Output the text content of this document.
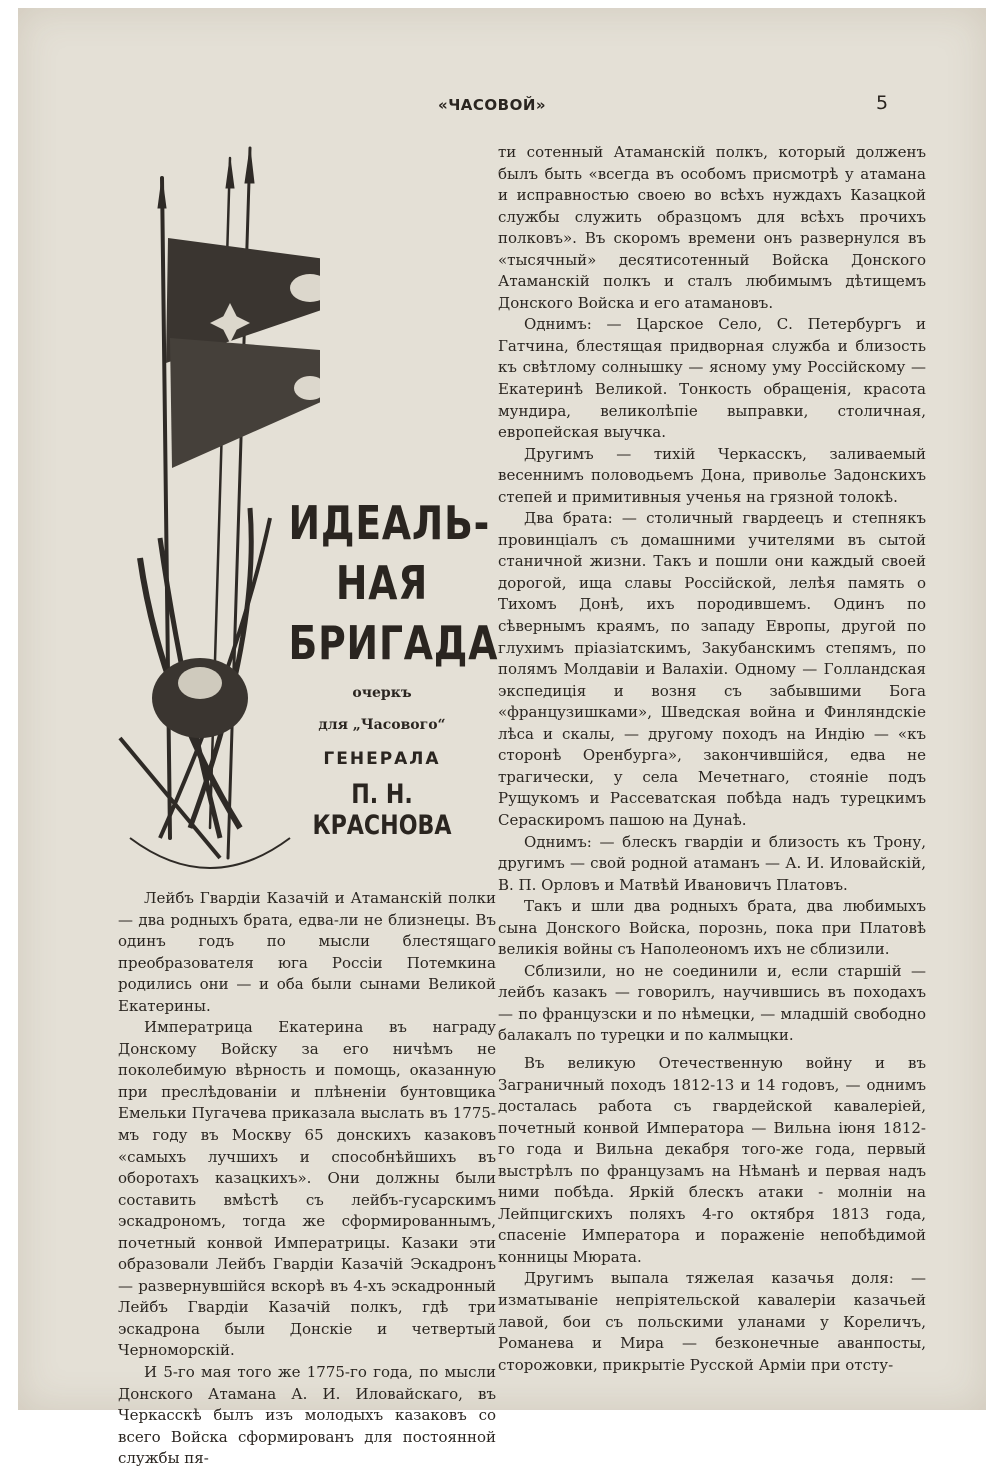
«ЧАСОВОЙ»	5
ИДЕАЛЬ-
НАЯ
БРИГАДА
очеркъ
для „Часового“
ГЕНЕРАЛА
П. Н. КРАСНОВА

Лейбъ Гвардіи Казачій и Атаманскій полки — два родныхъ брата, едва-ли не близнецы. Въ одинъ годъ по мысли блестящаго преобразователя юга Россіи Потемкина родились они — и оба были сынами Великой Екатерины.

Императрица Екатерина въ награду Донскому Войску за его ничѣмъ не поколебимую вѣрность и помощь, оказанную при преслѣдованіи и плѣненіи бунтовщика Емельки Пугачева приказала выслать въ 1775-мъ году въ Москву 65 донскихъ казаковъ «самыхъ лучшихъ и способнѣйшихъ въ оборотахъ казацкихъ». Они должны были составить вмѣстѣ съ лейбъ-гусарскимъ эскадрономъ, тогда же сформированнымъ, почетный конвой Императрицы. Казаки эти образовали Лейбъ Гвардіи Казачій Эскадронъ — развернувшійся вскорѣ въ 4-хъ эскадронный Лейбъ Гвардіи Казачій полкъ, гдѣ три эскадрона были Донскіе и четвертый Черноморскій.

И 5-го мая того же 1775-го года, по мысли Донского Атамана А. И. Иловайскаго, въ Черкасскѣ былъ изъ молодыхъ казаковъ со всего Войска сформированъ для постоянной службы пя-

ти сотенный Атаманскій полкъ, который долженъ былъ быть «всегда въ особомъ присмотрѣ у атамана и исправностью своею во всѣхъ нуждахъ Казацкой службы служить образцомъ для всѣхъ прочихъ полковъ». Въ скоромъ времени онъ развернулся въ «тысячный» десятисотенный Войска Донского Атаманскій полкъ и сталъ любимымъ дѣтищемъ Донского Войска и его атамановъ.

Однимъ: — Царское Село, С. Петербургъ и Гатчина, блестящая придворная служба и близость къ свѣтлому солнышку — ясному уму Россійскому — Екатеринѣ Великой. Тонкость обращенія, красота мундира, великолѣпіе выправки, столичная, европейская выучка.

Другимъ — тихій Черкасскъ, заливаемый весеннимъ половодьемъ Дона, приволье Задонскихъ степей и примитивныя ученья на грязной толокѣ.

Два брата: — столичный гвардеецъ и степнякъ провинціалъ съ домашними учителями въ сытой станичной жизни. Такъ и пошли они каждый своей дорогой, ища славы Россійской, лелѣя память о Тихомъ Донѣ, ихъ породившемъ. Одинъ по сѣвернымъ краямъ, по западу Европы, другой по глухимъ пріазіатскимъ, Закубанскимъ степямъ, по полямъ Молдавіи и Валахіи. Одному — Голландская экспедиція и возня съ забывшими Бога «французишками», Шведская война и Финляндскіе лѣса и скалы, — другому походъ на Индію — «къ сторонѣ Оренбурга», закончившійся, едва не трагически, у села Мечетнаго, стояніе подъ Рущукомъ и Рассеватская побѣда надъ турецкимъ Сераскиромъ пашою на Дунаѣ.

Однимъ: — блескъ гвардіи и близость къ Трону, другимъ — свой родной атаманъ — А. И. Иловайскій, В. П. Орловъ и Матвѣй Ивановичъ Платовъ.

Такъ и шли два родныхъ брата, два любимыхъ сына Донского Войска, порознь, пока при Платовѣ великія войны съ Наполеономъ ихъ не сблизили.

Сблизили, но не соединили и, если старшій — лейбъ казакъ — говорилъ, научившись въ походахъ — по французски и по нѣмецки, — младшій свободно балакалъ по турецки и по калмыцки.

Въ великую Отечественную войну и въ Заграничный походъ 1812-13 и 14 годовъ, — однимъ досталась работа съ гвардейской кавалеріей, почетный конвой Императора — Вильна іюня 1812-го года и Вильна декабря того-же года, первый выстрѣлъ по французамъ на Нѣманѣ и первая надъ ними побѣда. Яркій блескъ атаки - молніи на Лейпцигскихъ поляхъ 4-го октября 1813 года, спасеніе Императора и пораженіе непобѣдимой конницы Мюрата.

Другимъ выпала тяжелая казачья доля: — изматываніе непріятельской кавалеріи казачьей лавой, бои съ польскими уланами у Кореличъ, Романева и Мира — безконечные аванпосты, сторожовки, прикрытіе Русской Арміи при отсту-
